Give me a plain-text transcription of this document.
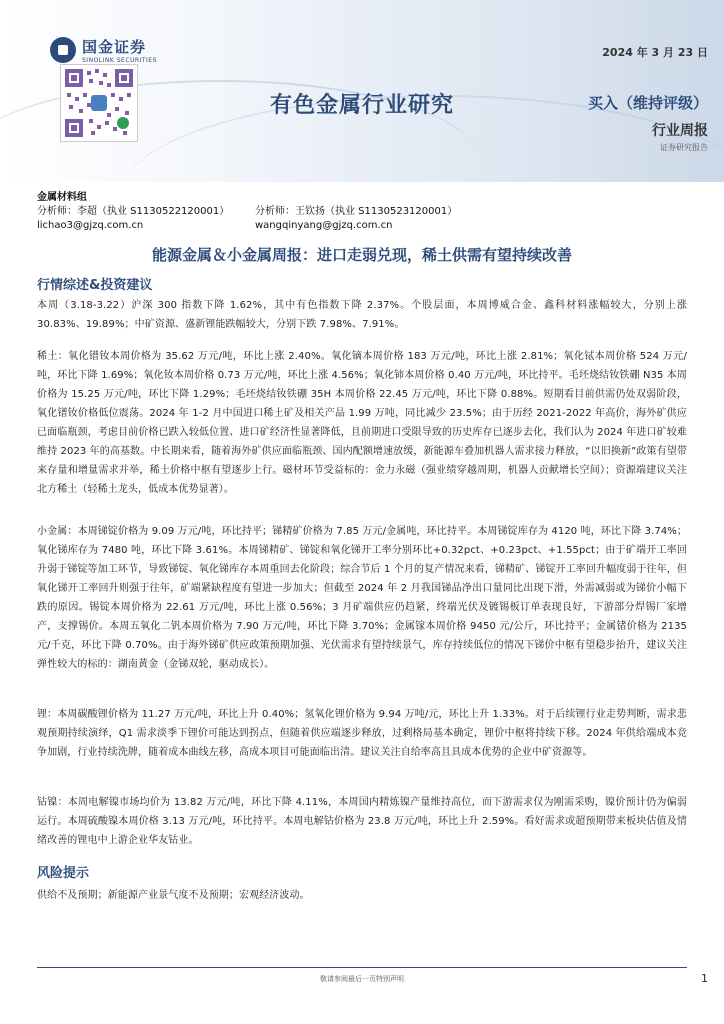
国金证券
SINOLINK SECURITIES
2024 年 3 月 23 日
有色金属行业研究	买入（维持评级）
行业周报
证券研究报告
金属材料组
分析师：李超（执业 S1130522120001）	分析师：王钦扬（执业 S1130523120001）
lichao3@gjzq.com.cn	wangqinyang@gjzq.com.cn
能源金属＆小金属周报：进口走弱兑现，稀土供需有望持续改善
行情综述&投资建议
本周（3.18-3.22）沪深 300 指数下降 1.62%，其中有色指数下降 2.37%。个股层面，本周博威合金、鑫科材料涨幅较大，分别上涨 30.83%、19.89%；中矿资源、盛新锂能跌幅较大，分别下跌 7.98%、7.91%。
稀土：氧化镨钕本周价格为 35.62 万元/吨，环比上涨 2.40%。氧化镝本周价格 183 万元/吨，环比上涨 2.81%；氧化铽本周价格 524 万元/吨，环比下降 1.69%；氧化钕本周价格 0.73 万元/吨，环比上涨 4.56%；氧化铈本周价格 0.40 万元/吨，环比持平。毛坯烧结钕铁硼 N35 本周价格为 15.25 万元/吨，环比下降 1.29%；毛坯烧结钕铁硼 35H 本周价格 22.45 万元/吨，环比下降 0.88%。短期看目前供需仍处双弱阶段，氧化镨钕价格低位震荡。2024 年 1-2 月中国进口稀土矿及相关产品 1.99 万吨，同比减少 23.5%；由于历经 2021-2022 年高价，海外矿供应已面临瓶颈，考虑目前价格已跌入较低位置、进口矿经济性显著降低，且前期进口受限导致的历史库存已逐步去化，我们认为 2024 年进口矿较难维持 2023 年的高基数。中长期来看，随着海外矿供应面临瓶颈、国内配额增速放缓，新能源车叠加机器人需求接力释放，“以旧换新”政策有望带来存量和增量需求并举，稀土价格中枢有望逐步上行。磁材环节受益标的：金力永磁（强业绩穿越周期，机器人贡献增长空间）；资源端建议关注北方稀土（轻稀土龙头，低成本优势显著）。
小金属：本周锑锭价格为 9.09 万元/吨，环比持平；锑精矿价格为 7.85 万元/金属吨，环比持平。本周锑锭库存为 4120 吨，环比下降 3.74%；氧化锑库存为 7480 吨，环比下降 3.61%。本周锑精矿、锑锭和氧化锑开工率分别环比+0.32pct、+0.23pct、+1.55pct；由于矿端开工率回升弱于锑锭等加工环节，导致锑锭、氧化锑库存本周重回去化阶段；综合节后 1 个月的复产情况来看，锑精矿、锑锭开工率回升幅度弱于往年，但氧化锑开工率回升则强于往年，矿端紧缺程度有望进一步加大；但截至 2024 年 2 月我国锑品净出口量同比出现下滑，外需减弱或为锑价小幅下跌的原因。锡锭本周价格为 22.61 万元/吨，环比上涨 0.56%；3 月矿端供应仍趋紧，终端光伏及镀锡板订单表现良好，下游部分焊锡厂家增产，支撑锡价。本周五氧化二钒本周价格为 7.90 万元/吨，环比下降 3.70%；金属镓本周价格 9450 元/公斤，环比持平；金属锗价格为 2135 元/千克，环比下降 0.70%。由于海外锑矿供应政策预期加强、光伏需求有望持续景气，库存持续低位的情况下锑价中枢有望稳步抬升，建议关注弹性较大的标的：湖南黄金（金锑双轮，驱动成长）。
锂：本周碳酸锂价格为 11.27 万元/吨，环比上升 0.40%；氢氧化锂价格为 9.94 万吨/元，环比上升 1.33%。对于后续锂行业走势判断，需求悲观预期持续演绎，Q1 需求淡季下锂价可能达到拐点，但随着供应端逐步释放，过剩格局基本确定，锂价中枢将持续下移。2024 年供给端成本竞争加剧，行业持续洗牌，随着成本曲线左移，高成本项目可能面临出清。建议关注自给率高且具成本优势的企业中矿资源等。
钴镍：本周电解镍市场均价为 13.82 万元/吨，环比下降 4.11%，本周国内精炼镍产量维持高位，而下游需求仅为刚需采购，镍价预计仍为偏弱运行。本周硫酸镍本周价格 3.13 万元/吨，环比持平。本周电解钴价格为 23.8 万元/吨，环比上升 2.59%。看好需求或超预期带来板块估值及情绪改善的锂电中上游企业华友钴业。
风险提示
供给不及预期；新能源产业景气度不及预期；宏观经济波动。
敬请参阅最后一页特别声明	1
